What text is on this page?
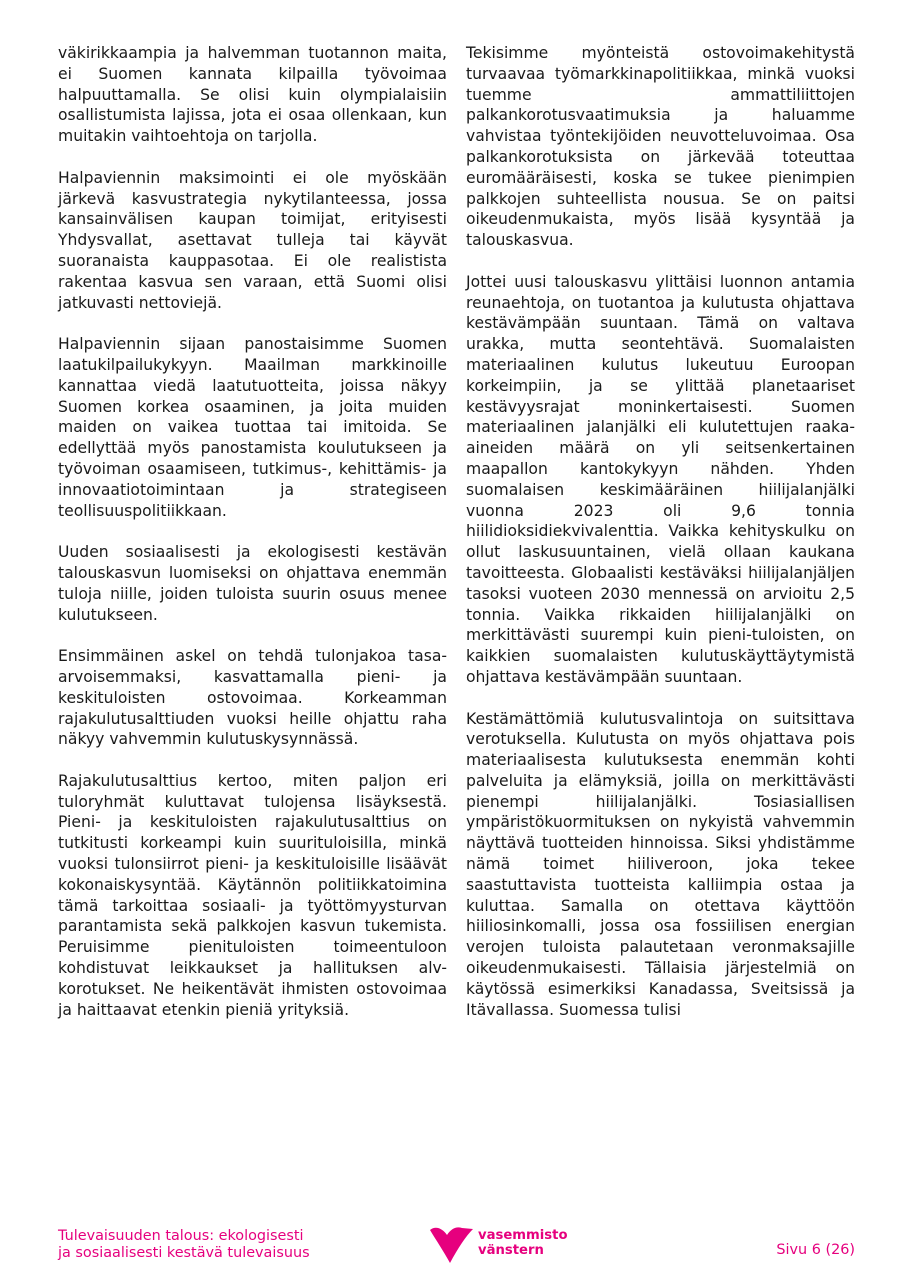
väkirikkaampia ja halvemman tuotannon maita, ei Suomen kannata kilpailla työvoimaa halpuuttamalla. Se olisi kuin olympialaisiin osallistumista lajissa, jota ei osaa ollenkaan, kun muitakin vaihtoehtoja on tarjolla.

Halpaviennin maksimointi ei ole myöskään järkevä kasvustrategia nykytilanteessa, jossa kansainvälisen kaupan toimijat, erityisesti Yhdysvallat, asettavat tulleja tai käyvät suoranaista kauppasotaa. Ei ole realistista rakentaa kasvua sen varaan, että Suomi olisi jatkuvasti nettoviejä.

Halpaviennin sijaan panostaisimme Suomen laatukilpailukykyyn. Maailman markkinoille kannattaa viedä laatutuotteita, joissa näkyy Suomen korkea osaaminen, ja joita muiden maiden on vaikea tuottaa tai imitoida. Se edellyttää myös panostamista koulutukseen ja työvoiman osaamiseen, tutkimus-, kehittämis- ja innovaatiotoimintaan ja strategiseen teollisuuspolitiikkaan.

Uuden sosiaalisesti ja ekologisesti kestävän talouskasvun luomiseksi on ohjattava enemmän tuloja niille, joiden tuloista suurin osuus menee kulutukseen.

Ensimmäinen askel on tehdä tulonjakoa tasa-arvoisemmaksi, kasvattamalla pieni- ja keskituloisten ostovoimaa. Korkeamman rajakulutusalttiuden vuoksi heille ohjattu raha näkyy vahvemmin kulutuskysynnässä.

Rajakulutusalttius kertoo, miten paljon eri tuloryhmät kuluttavat tulojensa lisäyksestä. Pieni- ja keskituloisten rajakulutusalttius on tutkitusti korkeampi kuin suurituloisilla, minkä vuoksi tulonsiirrot pieni- ja keskituloisille lisäävät kokonaiskysyntää. Käytännön politiikkatoimina tämä tarkoittaa sosiaali- ja työttömyysturvan parantamista sekä palkkojen kasvun tukemista. Peruisimme pienituloisten toimeentuloon kohdistuvat leikkaukset ja hallituksen alv-korotukset. Ne heikentävät ihmisten ostovoimaa ja haittaavat etenkin pieniä yrityksiä.

Tekisimme myönteistä ostovoimakehitystä turvaavaa työmarkkinapolitiikkaa, minkä vuoksi tuemme ammattiliittojen palkankorotusvaatimuksia ja haluamme vahvistaa työntekijöiden neuvotteluvoimaa. Osa palkankorotuksista on järkevää toteuttaa euromääräisesti, koska se tukee pienimpien palkkojen suhteellista nousua. Se on paitsi oikeudenmukaista, myös lisää kysyntää ja talouskasvua.

Jottei uusi talouskasvu ylittäisi luonnon antamia reunaehtoja, on tuotantoa ja kulutusta ohjattava kestävämpään suuntaan. Tämä on valtava urakka, mutta seontehtävä. Suomalaisten materiaalinen kulutus lukeutuu Euroopan korkeimpiin, ja se ylittää planetaariset kestävyysrajat moninkertaisesti. Suomen materiaalinen jalanjälki eli kulutettujen raaka-aineiden määrä on yli seitsenkertainen maapallon kantokykyyn nähden. Yhden suomalaisen keskimääräinen hiilijalanjälki vuonna 2023 oli 9,6 tonnia hiilidioksidiekvivalenttia. Vaikka kehityskulku on ollut laskusuuntainen, vielä ollaan kaukana tavoitteesta. Globaalisti kestäväksi hiilijalanjäljen tasoksi vuoteen 2030 mennessä on arvioitu 2,5 tonnia. Vaikka rikkaiden hiilijalanjälki on merkittävästi suurempi kuin pieni-tuloisten, on kaikkien suomalaisten kulutuskäyttäytymistä ohjattava kestävämpään suuntaan.

Kestämättömiä kulutusvalintoja on suitsittava verotuksella. Kulutusta on myös ohjattava pois materiaalisesta kulutuksesta enemmän kohti palveluita ja elämyksiä, joilla on merkittävästi pienempi hiilijalanjälki. Tosiasiallisen ympäristökuormituksen on nykyistä vahvemmin näyttävä tuotteiden hinnoissa. Siksi yhdistämme nämä toimet hiiliveroon, joka tekee saastuttavista tuotteista kalliimpia ostaa ja kuluttaa. Samalla on otettava käyttöön hiiliosinkomalli, jossa osa fossiilisen energian verojen tuloista palautetaan veronmaksajille oikeudenmukaisesti. Tällaisia järjestelmiä on käytössä esimerkiksi Kanadassa, Sveitsissä ja Itävallassa. Suomessa tulisi

Tulevaisuuden talous: ekologisesti
ja sosiaalisesti kestävä tulevaisuus
vasemmisto
vänstern	Sivu 6 (26)
